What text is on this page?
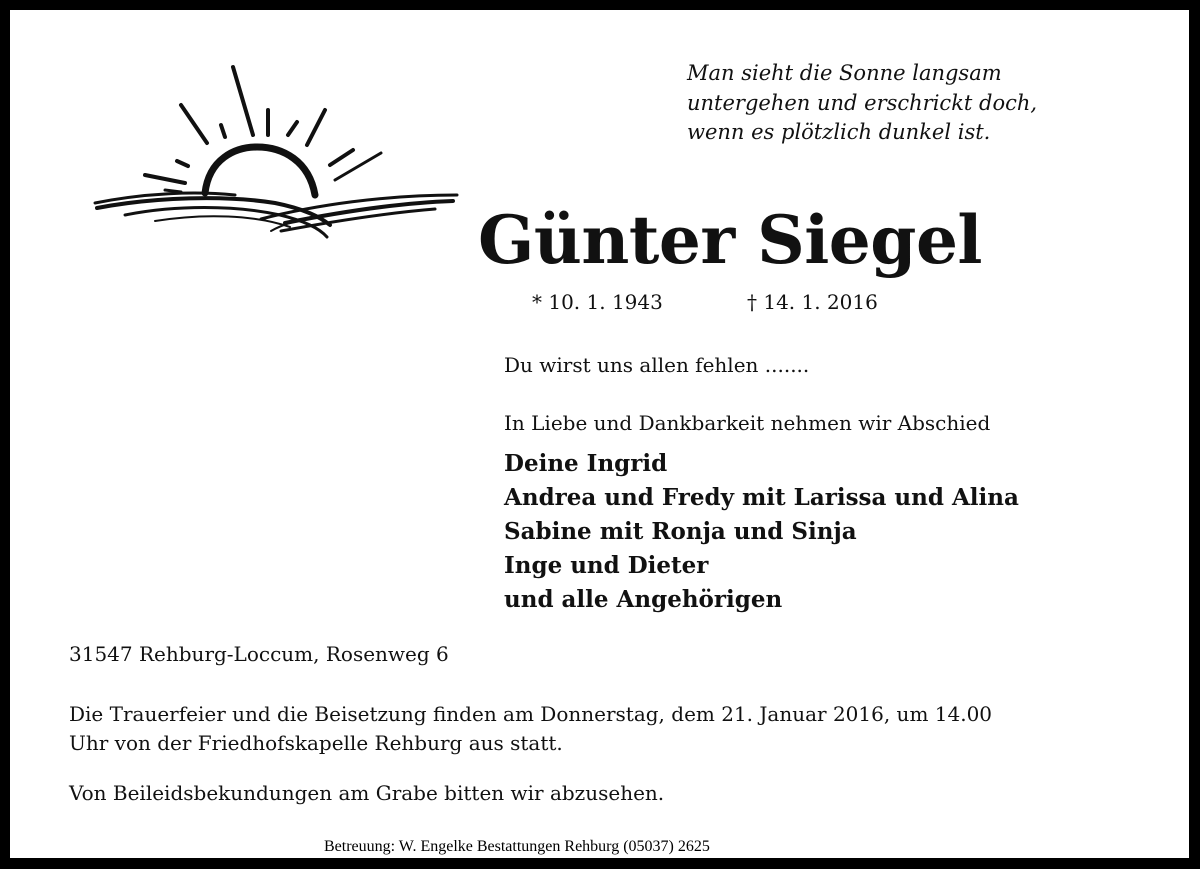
Man sieht die Sonne langsam
untergehen und erschrickt doch,
wenn es plötzlich dunkel ist.
Günter Siegel
* 10. 1. 1943	† 14. 1. 2016
Du wirst uns allen fehlen .......
In Liebe und Dankbarkeit nehmen wir Abschied
Deine Ingrid
Andrea und Fredy mit Larissa und Alina
Sabine mit Ronja und Sinja
Inge und Dieter
und alle Angehörigen
31547 Rehburg-Loccum, Rosenweg 6
Die Trauerfeier und die Beisetzung finden am Donnerstag, dem 21. Januar 2016, um 14.00
Uhr von der Friedhofskapelle Rehburg aus statt.
Von Beileidsbekundungen am Grabe bitten wir abzusehen.
Betreuung: W. Engelke Bestattungen Rehburg (05037) 2625
